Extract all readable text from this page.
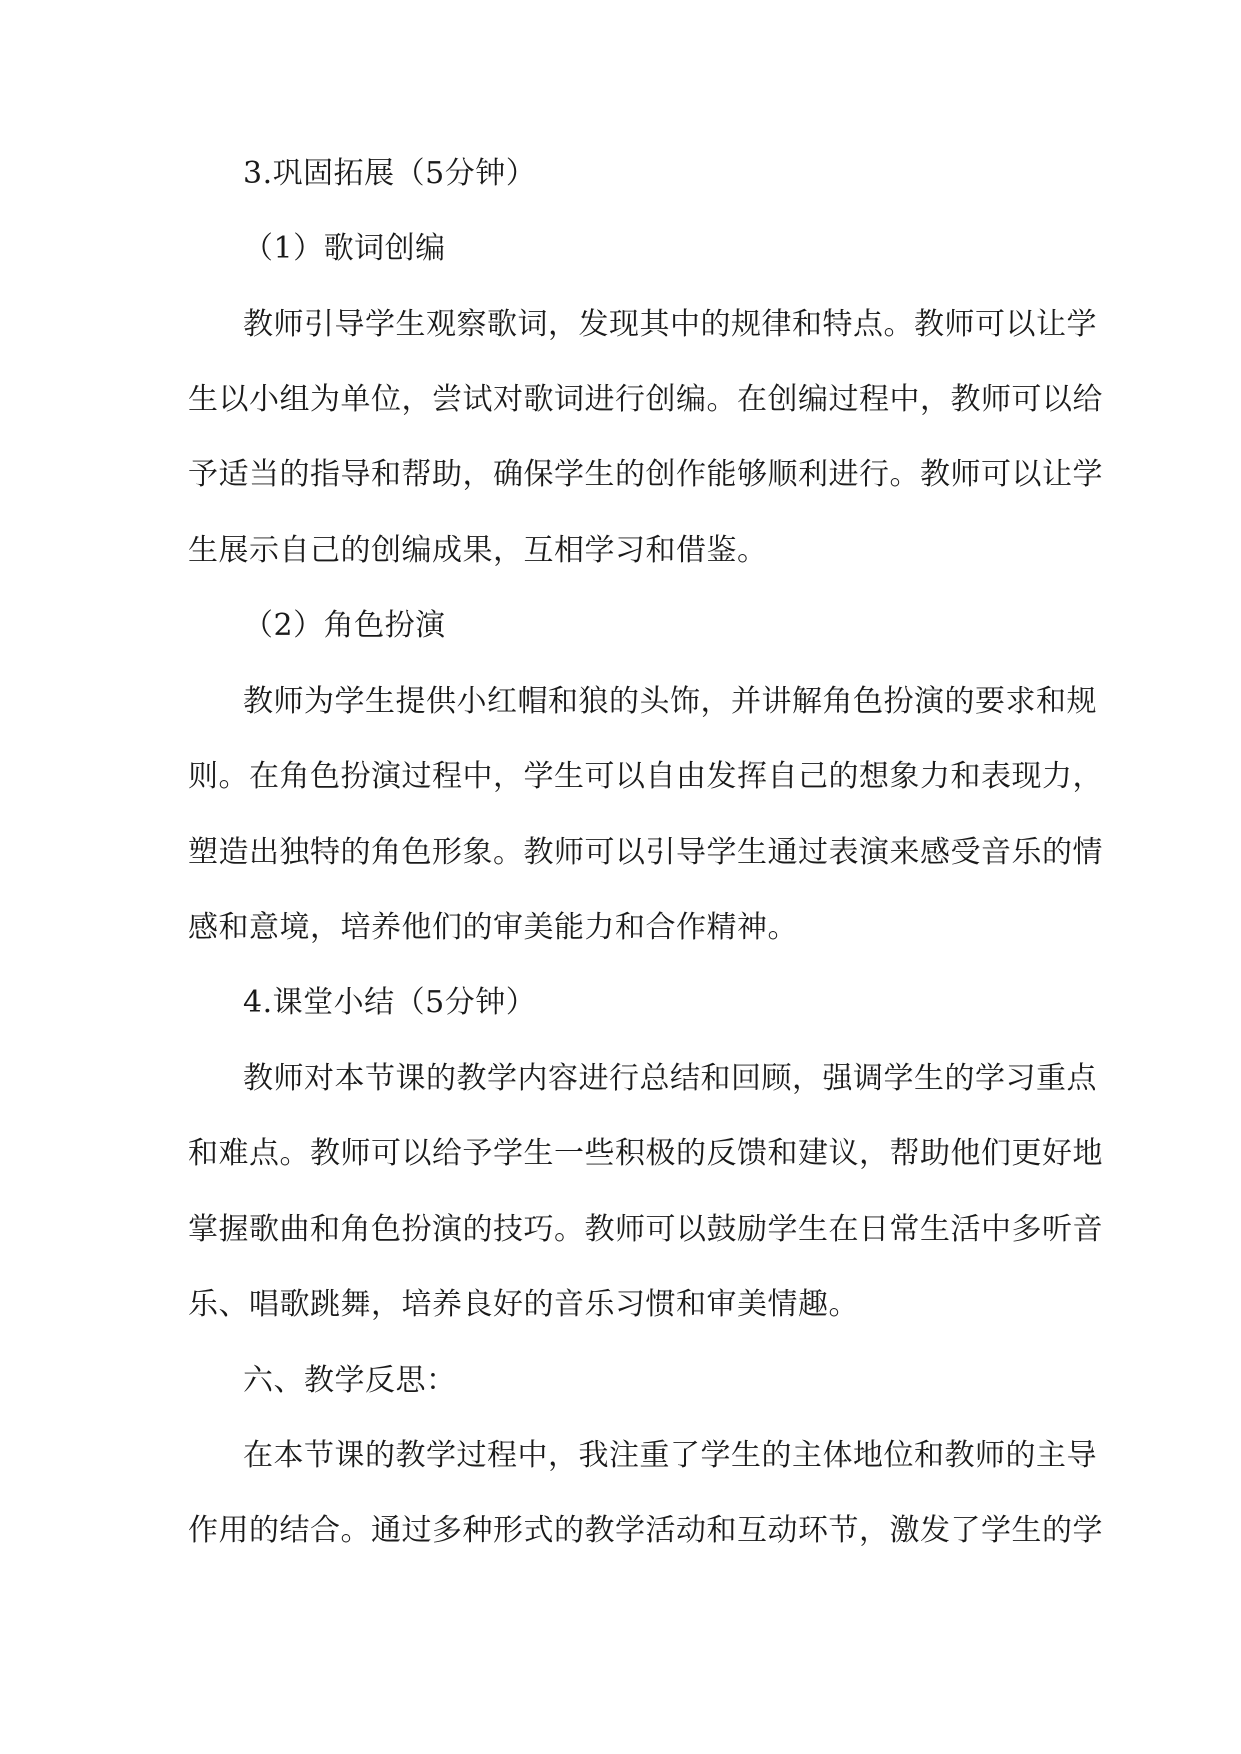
3.巩固拓展（5分钟）
（1）歌词创编
教师引导学生观察歌词，发现其中的规律和特点。教师可以让学
生以小组为单位，尝试对歌词进行创编。在创编过程中，教师可以给
予适当的指导和帮助，确保学生的创作能够顺利进行。教师可以让学
生展示自己的创编成果，互相学习和借鉴。
（2）角色扮演
教师为学生提供小红帽和狼的头饰，并讲解角色扮演的要求和规
则。在角色扮演过程中，学生可以自由发挥自己的想象力和表现力，
塑造出独特的角色形象。教师可以引导学生通过表演来感受音乐的情
感和意境，培养他们的审美能力和合作精神。
4.课堂小结（5分钟）
教师对本节课的教学内容进行总结和回顾，强调学生的学习重点
和难点。教师可以给予学生一些积极的反馈和建议，帮助他们更好地
掌握歌曲和角色扮演的技巧。教师可以鼓励学生在日常生活中多听音
乐、唱歌跳舞，培养良好的音乐习惯和审美情趣。
六、教学反思：
在本节课的教学过程中，我注重了学生的主体地位和教师的主导
作用的结合。通过多种形式的教学活动和互动环节，激发了学生的学
